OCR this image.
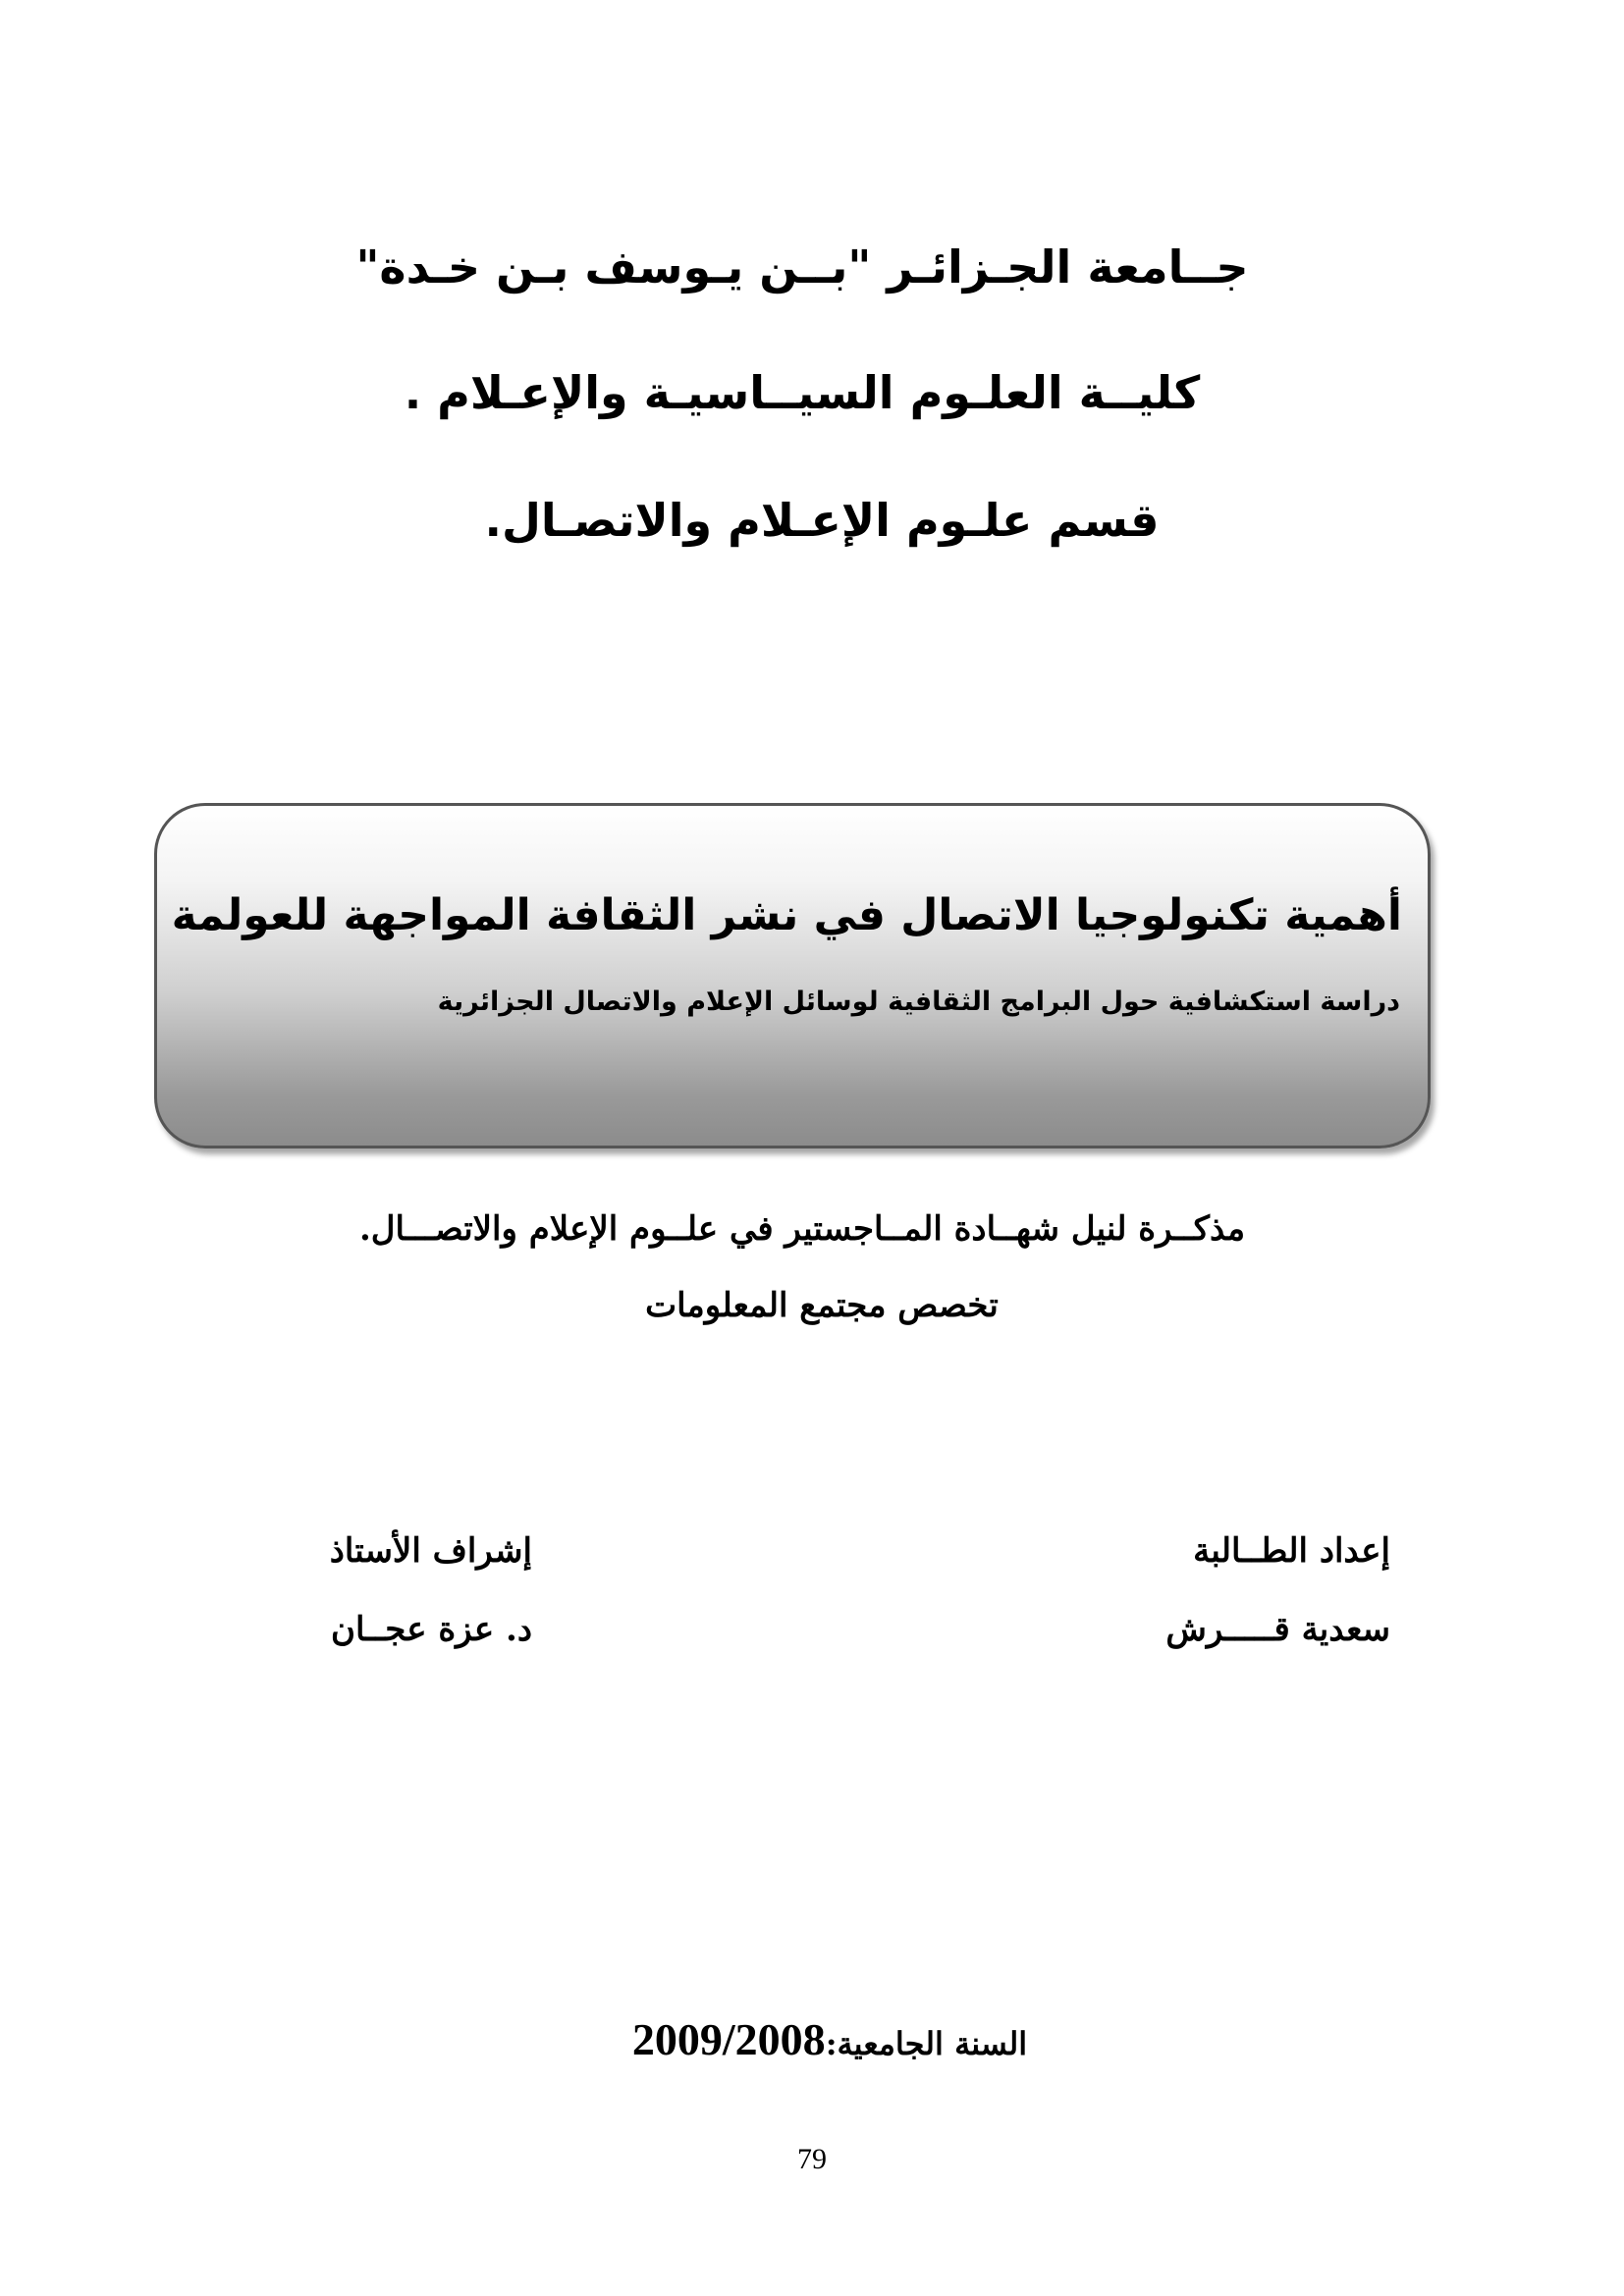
جــامعة الجـزائـر "بــن يـوسف بـن خـدة"
كليــة العلـوم السيــاسيـة والإعـلام .
قسم علـوم الإعـلام والاتصـال.
أهمية تكنولوجيا الاتصال في نشر الثقافة المواجهة للعولمة
دراسة استكشافية حول البرامج الثقافية لوسائل الإعلام والاتصال الجزائرية
مذكــرة لنيل شهــادة المــاجستير في علــوم الإعلام والاتصـــال.
تخصص مجتمع المعلومات
إعداد الطــالبة
سعدية قـــــرش
إشراف الأستاذ
د. عزة عجــان
السنة الجامعية:2009/2008
79
